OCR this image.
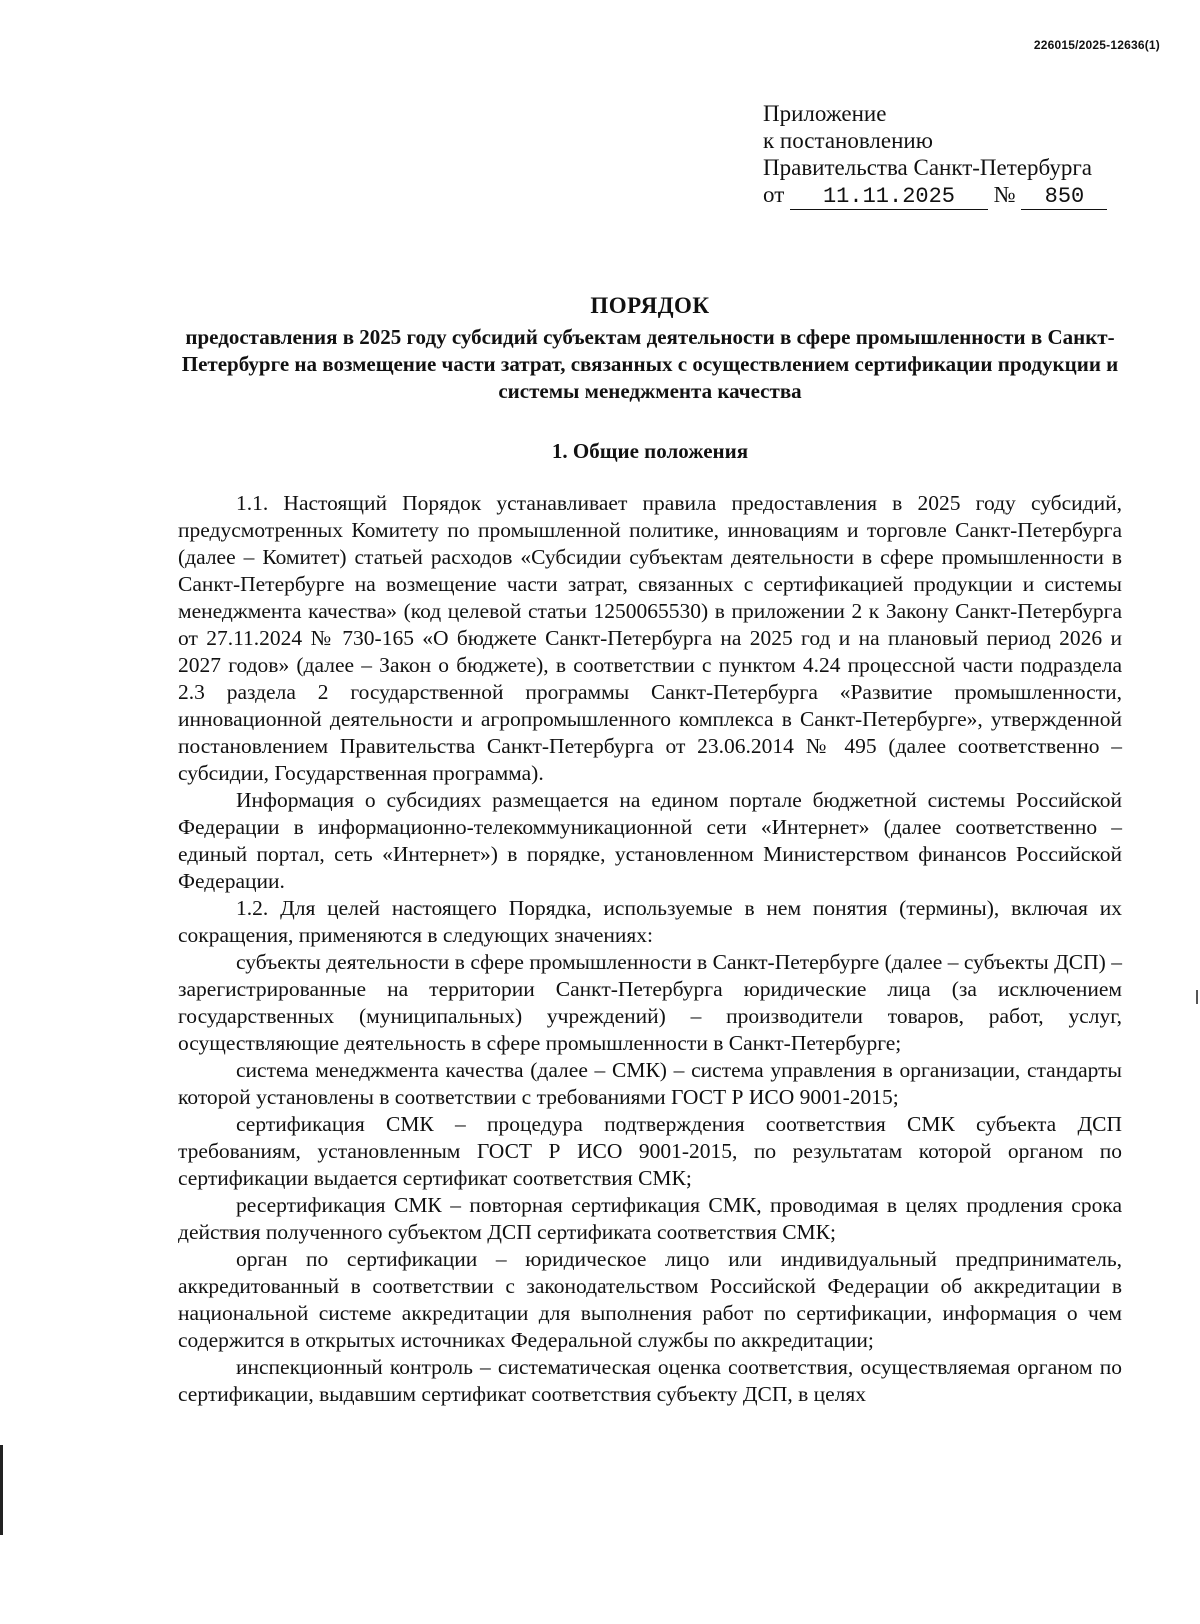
226015/2025-12636(1)
Приложение
к постановлению
Правительства Санкт-Петербурга
от 11.11.2025 № 850
ПОРЯДОК
предоставления в 2025 году субсидий субъектам деятельности в сфере промышленности в Санкт-Петербурге на возмещение части затрат, связанных с осуществлением сертификации продукции и системы менеджмента качества
1. Общие положения

1.1. Настоящий Порядок устанавливает правила предоставления в 2025 году субсидий, предусмотренных Комитету по промышленной политике, инновациям и торговле Санкт-Петербурга (далее – Комитет) статьей расходов «Субсидии субъектам деятельности в сфере промышленности в Санкт-Петербурге на возмещение части затрат, связанных с сертификацией продукции и системы менеджмента качества» (код целевой статьи 1250065530) в приложении 2 к Закону Санкт-Петербурга от 27.11.2024 № 730-165 «О бюджете Санкт-Петербурга на 2025 год и на плановый период 2026 и 2027 годов» (далее – Закон о бюджете), в соответствии с пунктом 4.24 процессной части подраздела 2.3 раздела 2 государственной программы Санкт-Петербурга «Развитие промышленности, инновационной деятельности и агропромышленного комплекса в Санкт-Петербурге», утвержденной постановлением Правительства Санкт-Петербурга от 23.06.2014 № 495 (далее соответственно – субсидии, Государственная программа).

Информация о субсидиях размещается на едином портале бюджетной системы Российской Федерации в информационно-телекоммуникационной сети «Интернет» (далее соответственно – единый портал, сеть «Интернет») в порядке, установленном Министерством финансов Российской Федерации.

1.2. Для целей настоящего Порядка, используемые в нем понятия (термины), включая их сокращения, применяются в следующих значениях:

субъекты деятельности в сфере промышленности в Санкт-Петербурге (далее – субъекты ДСП) – зарегистрированные на территории Санкт-Петербурга юридические лица (за исключением государственных (муниципальных) учреждений) – производители товаров, работ, услуг, осуществляющие деятельность в сфере промышленности в Санкт-Петербурге;

система менеджмента качества (далее – СМК) – система управления в организации, стандарты которой установлены в соответствии с требованиями ГОСТ Р ИСО 9001-2015;

сертификация СМК – процедура подтверждения соответствия СМК субъекта ДСП требованиям, установленным ГОСТ Р ИСО 9001-2015, по результатам которой органом по сертификации выдается сертификат соответствия СМК;

ресертификация СМК – повторная сертификация СМК, проводимая в целях продления срока действия полученного субъектом ДСП сертификата соответствия СМК;

орган по сертификации – юридическое лицо или индивидуальный предприниматель, аккредитованный в соответствии с законодательством Российской Федерации об аккредитации в национальной системе аккредитации для выполнения работ по сертификации, информация о чем содержится в открытых источниках Федеральной службы по аккредитации;

инспекционный контроль – систематическая оценка соответствия, осуществляемая органом по сертификации, выдавшим сертификат соответствия субъекту ДСП, в целях
